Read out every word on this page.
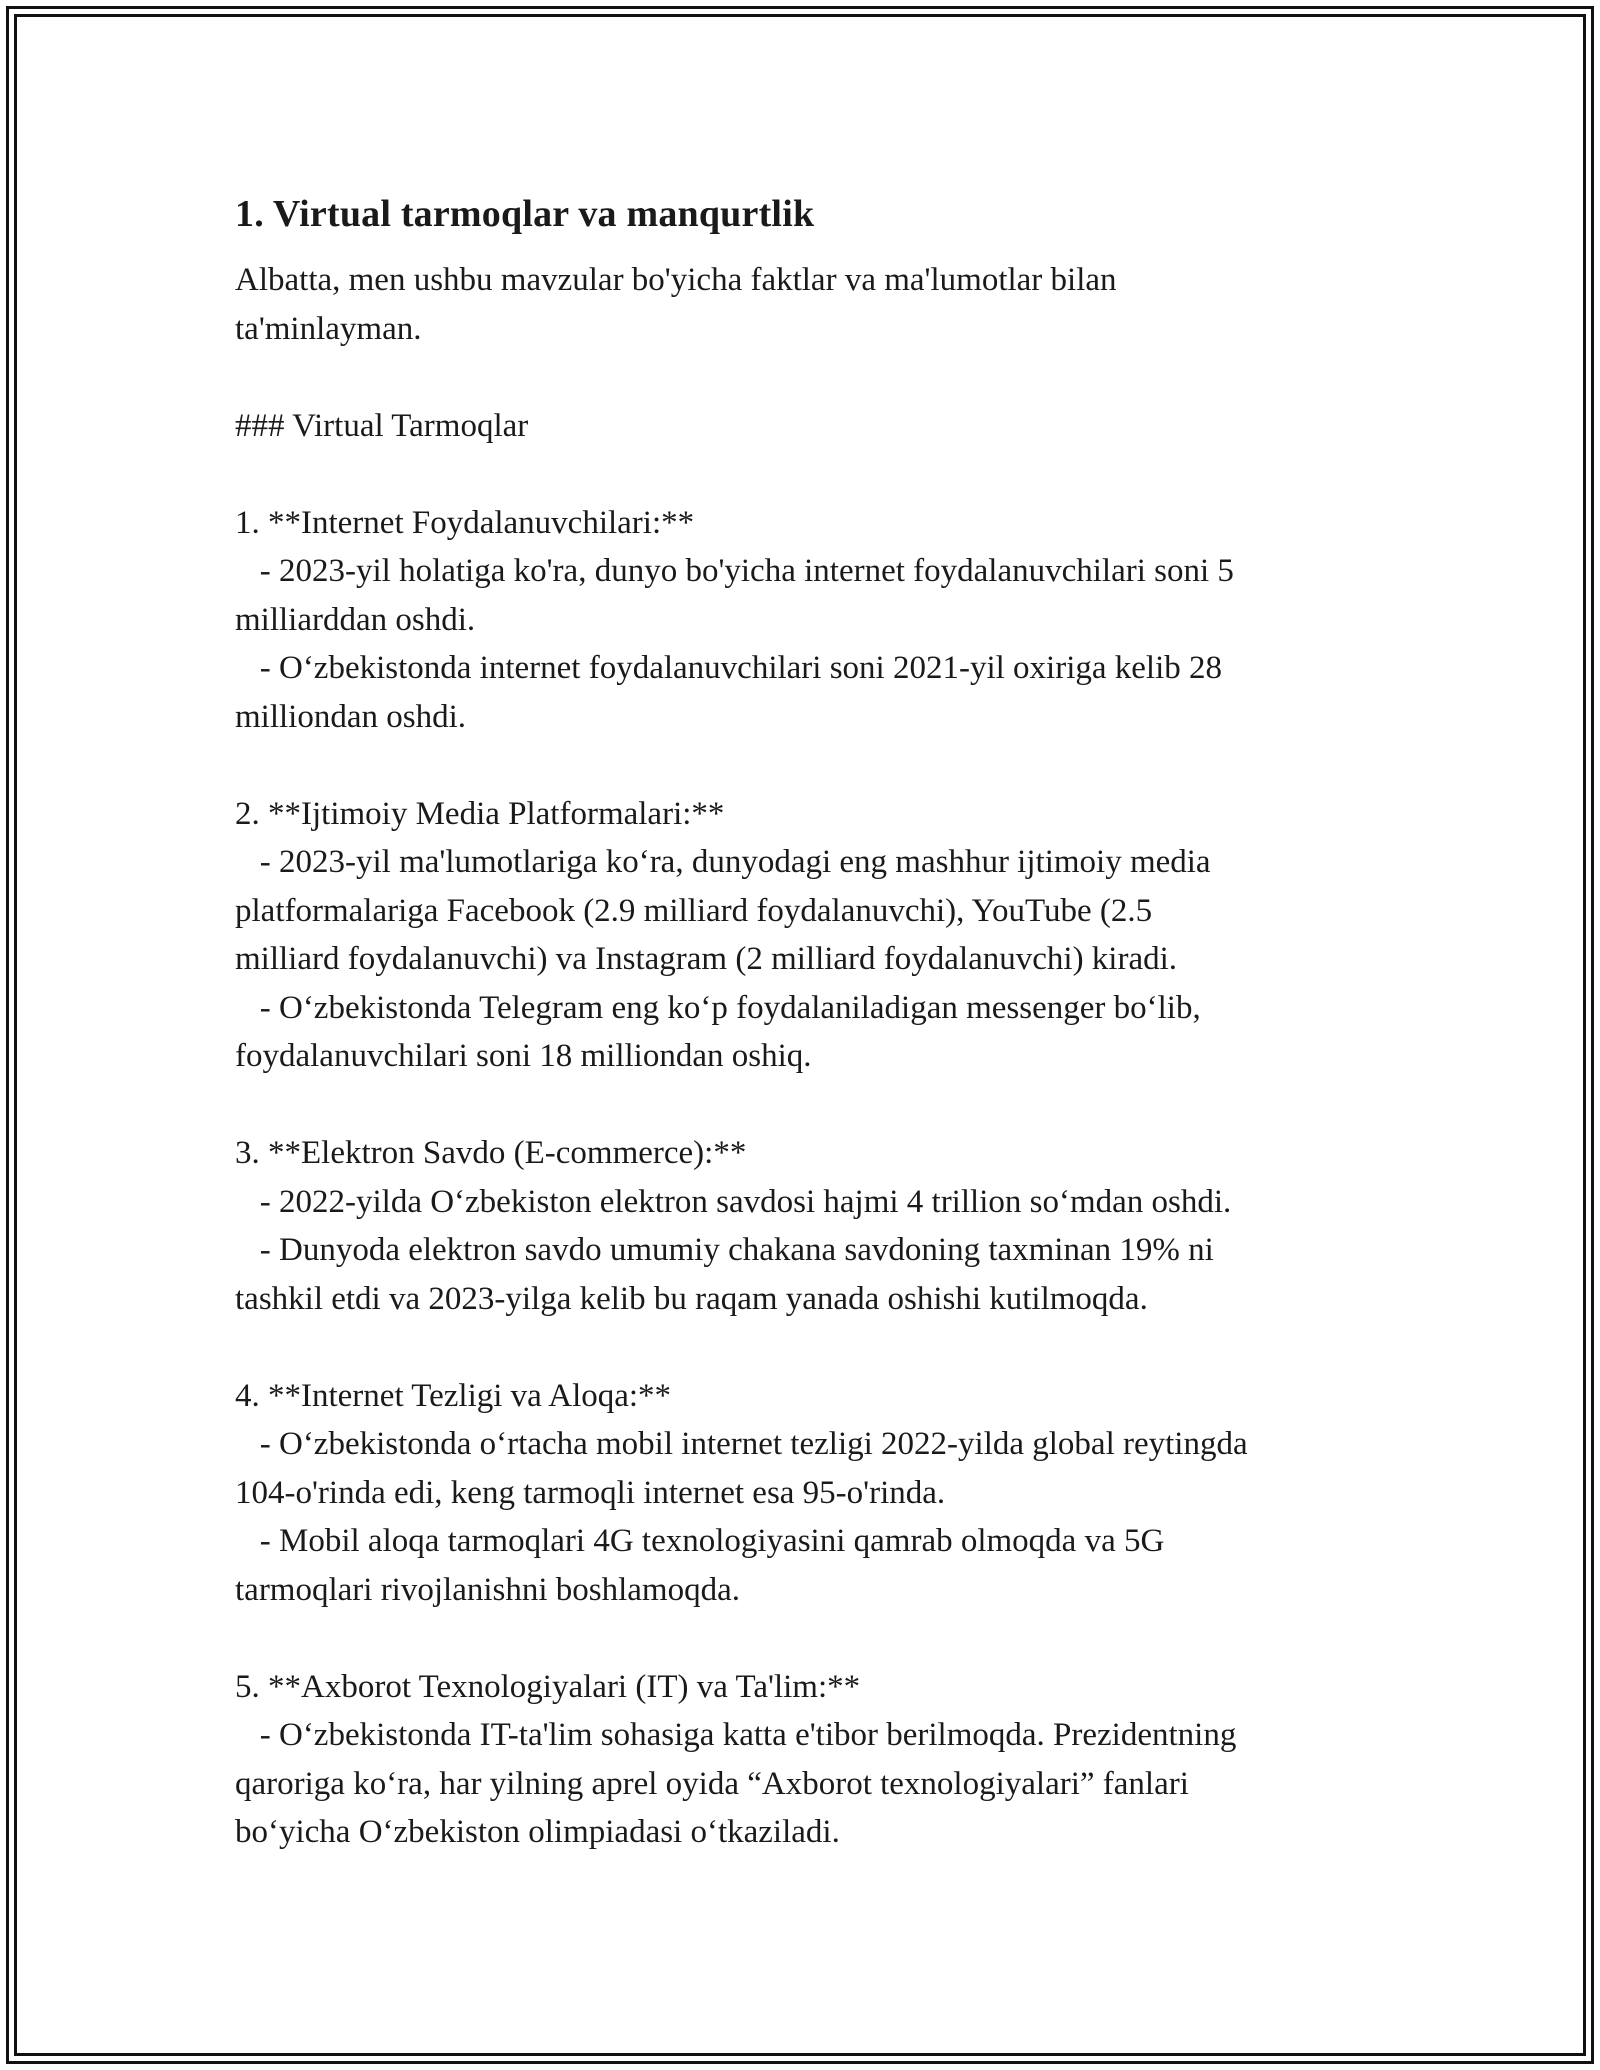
1. Virtual tarmoqlar va manqurtlik

Albatta, men ushbu mavzular bo'yicha faktlar va ma'lumotlar bilan
ta'minlayman.

### Virtual Tarmoqlar

1. **Internet Foydalanuvchilari:**

- 2023-yil holatiga ko'ra, dunyo bo'yicha internet foydalanuvchilari soni 5
milliarddan oshdi.

- O‘zbekistonda internet foydalanuvchilari soni 2021-yil oxiriga kelib 28
milliondan oshdi.

2. **Ijtimoiy Media Platformalari:**

- 2023-yil ma'lumotlariga ko‘ra, dunyodagi eng mashhur ijtimoiy media
platformalariga Facebook (2.9 milliard foydalanuvchi), YouTube (2.5
milliard foydalanuvchi) va Instagram (2 milliard foydalanuvchi) kiradi.

- O‘zbekistonda Telegram eng ko‘p foydalaniladigan messenger bo‘lib,
foydalanuvchilari soni 18 milliondan oshiq.

3. **Elektron Savdo (E-commerce):**

- 2022-yilda O‘zbekiston elektron savdosi hajmi 4 trillion so‘mdan oshdi.

- Dunyoda elektron savdo umumiy chakana savdoning taxminan 19% ni
tashkil etdi va 2023-yilga kelib bu raqam yanada oshishi kutilmoqda.

4. **Internet Tezligi va Aloqa:**

- O‘zbekistonda o‘rtacha mobil internet tezligi 2022-yilda global reytingda
104-o'rinda edi, keng tarmoqli internet esa 95-o'rinda.

- Mobil aloqa tarmoqlari 4G texnologiyasini qamrab olmoqda va 5G
tarmoqlari rivojlanishni boshlamoqda.

5. **Axborot Texnologiyalari (IT) va Ta'lim:**

- O‘zbekistonda IT-ta'lim sohasiga katta e'tibor berilmoqda. Prezidentning
qaroriga ko‘ra, har yilning aprel oyida “Axborot texnologiyalari” fanlari
bo‘yicha O‘zbekiston olimpiadasi o‘tkaziladi.
